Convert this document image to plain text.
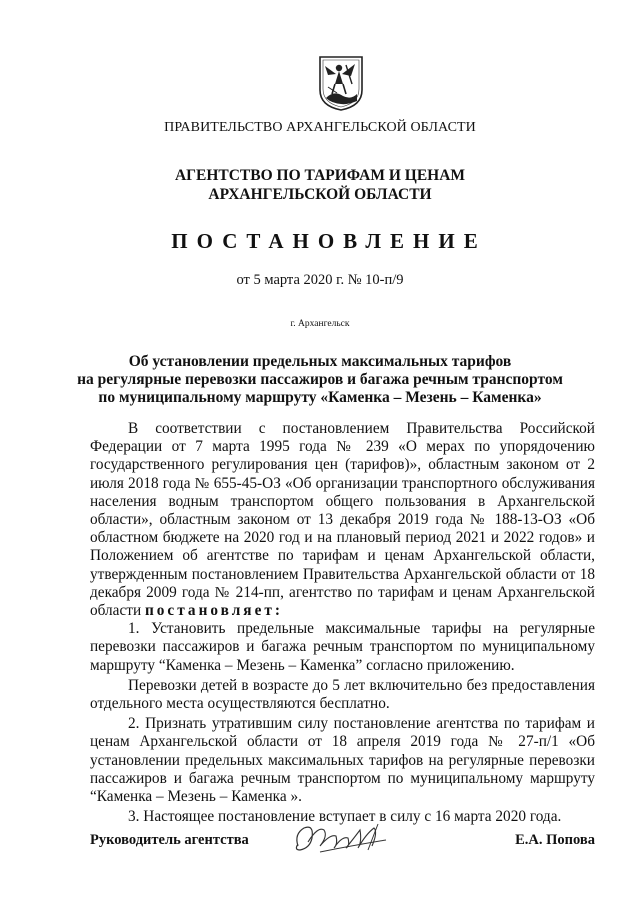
ПРАВИТЕЛЬСТВО АРХАНГЕЛЬСКОЙ ОБЛАСТИ
АГЕНТСТВО ПО ТАРИФАМ И ЦЕНАМ
АРХАНГЕЛЬСКОЙ ОБЛАСТИ
ПОСТАНОВЛЕНИЕ
от 5 марта 2020 г. № 10-п/9
г. Архангельск
Об установлении предельных максимальных тарифов
на регулярные перевозки пассажиров и багажа речным транспортом
по муниципальному маршруту «Каменка – Мезень – Каменка»

В соответствии с постановлением Правительства Российской Федерации от 7 марта 1995 года № 239 «О мерах по упорядочению государственного регулирования цен (тарифов)», областным законом от 2 июля 2018 года № 655-45-ОЗ «Об организации транспортного обслуживания населения водным транспортом общего пользования в Архангельской области», областным законом от 13 декабря 2019 года № 188-13-ОЗ «Об областном бюджете на 2020 год и на плановый период 2021 и 2022 годов» и Положением об агентстве по тарифам и ценам Архангельской области, утвержденным постановлением Правительства Архангельской области от 18 декабря 2009 года № 214-пп, агентство по тарифам и ценам Архангельской области постановляет:

1. Установить предельные максимальные тарифы на регулярные перевозки пассажиров и багажа речным транспортом по муниципальному маршруту “Каменка – Мезень – Каменка” согласно приложению.

Перевозки детей в возрасте до 5 лет включительно без предоставления отдельного места осуществляются бесплатно.

2. Признать утратившим силу постановление агентства по тарифам и ценам Архангельской области от 18 апреля 2019 года № 27-п/1 «Об установлении предельных максимальных тарифов на регулярные перевозки пассажиров и багажа речным транспортом по муниципальному маршруту “Каменка – Мезень – Каменка ».

3. Настоящее постановление вступает в силу с 16 марта 2020 года.

Руководитель агентства	Е.А. Попова
